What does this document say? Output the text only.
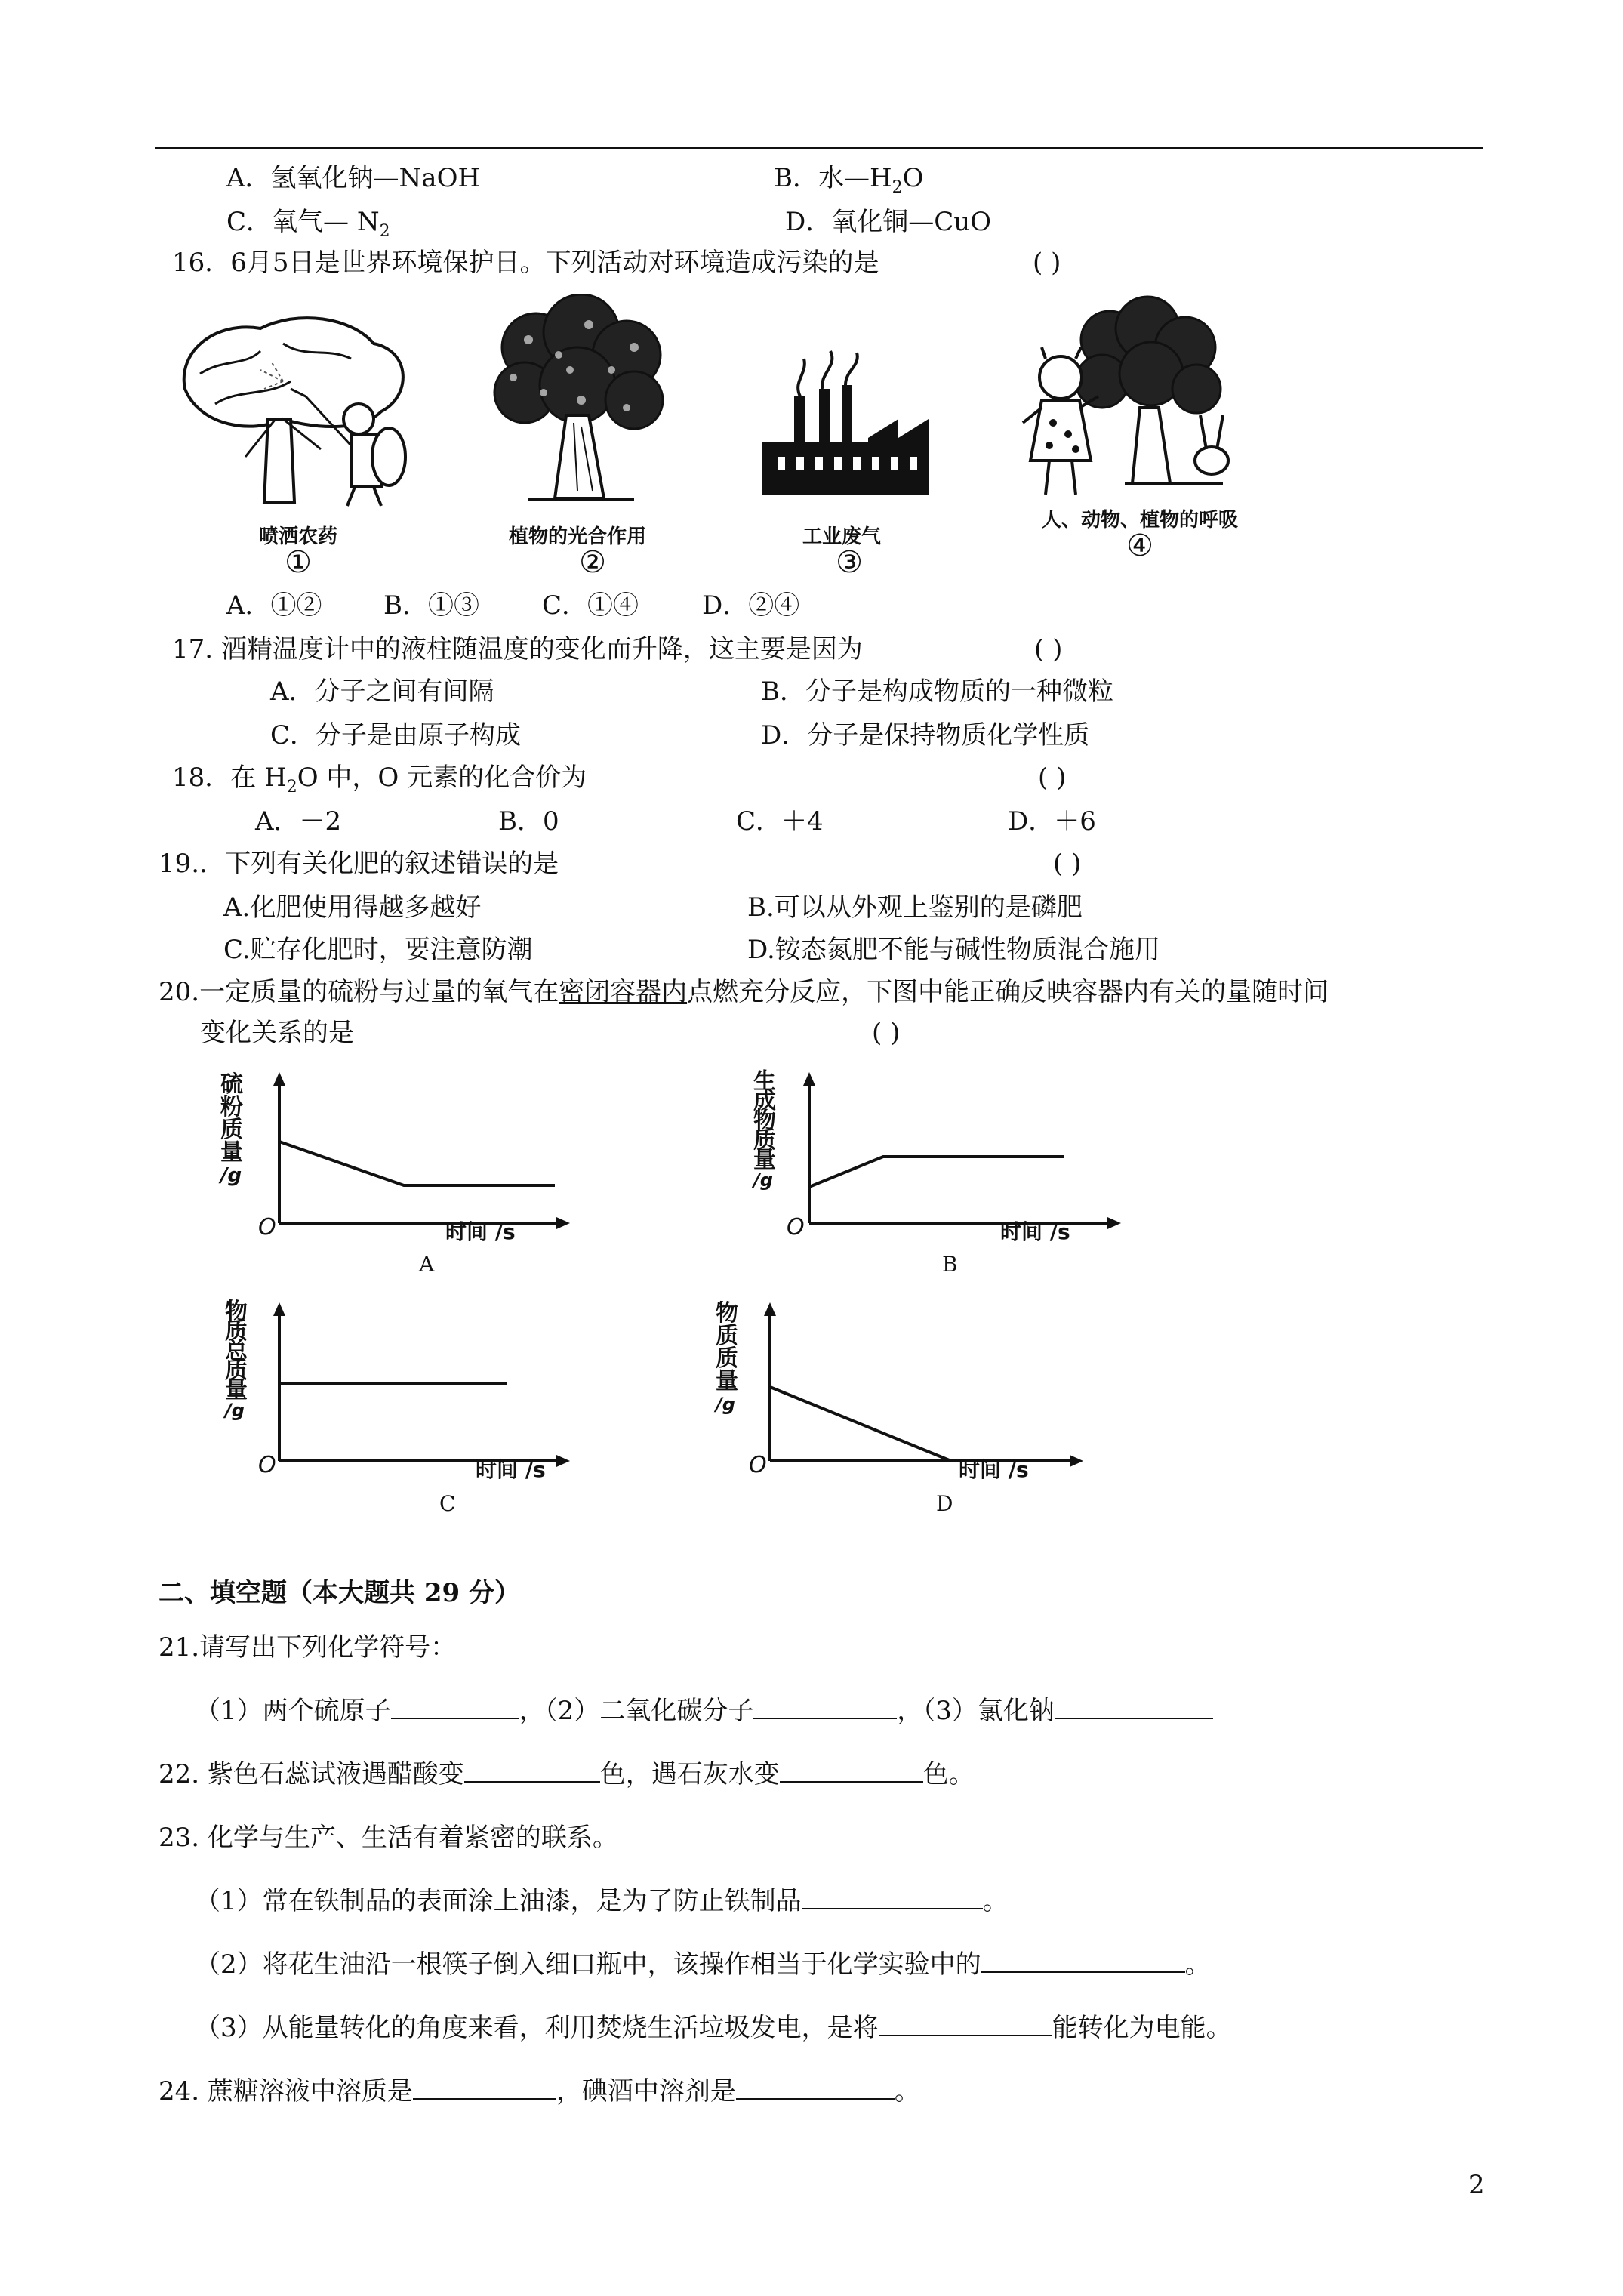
A．氢氧化钠—NaOH	B．水$—H_2O$
C．氧气— $N_2$	D．氧化铜—CuO
16．6月5日是世界环境保护日。下列活动对环境造成污染的是	( )
喷洒农药
①
植物的光合作用
②
工业废气
③
人、动物、植物的呼吸
④
A．①② B．①③ C．①④ D．②④
17. 酒精温度计中的液柱随温度的变化而升降，这主要是因为	( )
A．分子之间有间隔	B．分子是构成物质的一种微粒
C．分子是由原子构成	D．分子是保持物质化学性质
18．在 $H_2O$ 中，O 元素的化合价为	( )
A．－2	B．0	C．＋4	D．＋6
19.．下列有关化肥的叙述错误的是	( )
A.化肥使用得越多越好	B.可以从外观上鉴别的是磷肥
C.贮存化肥时，要注意防潮	D.铵态氮肥不能与碱性物质混合施用
20.一定质量的硫粉与过量的氧气在密闭容器内点燃充分反应，下图中能正确反映容器内有关的量随时间
变化关系的是	( )
硫
粉
质
量
/g
O	时间 /s
A
生
成
物
质
量
/g
O	时间 /s
B
物
质
总
质
量
/g
O	时间 /s
C
物
质
质
量
/g
O	时间 /s
D
二、填空题（本大题共 29 分）
21.请写出下列化学符号：
（1）两个硫原子	，（2）二氧化碳分子	，（3）氯化钠
22. 紫色石蕊试液遇醋酸变	色，遇石灰水变	色。
23. 化学与生产、生活有着紧密的联系。
（1）常在铁制品的表面涂上油漆，是为了防止铁制品	。
（2）将花生油沿一根筷子倒入细口瓶中，该操作相当于化学实验中的	。
（3）从能量转化的角度来看，利用焚烧生活垃圾发电，是将	能转化为电能。
24. 蔗糖溶液中溶质是	，碘酒中溶剂是	。
2
